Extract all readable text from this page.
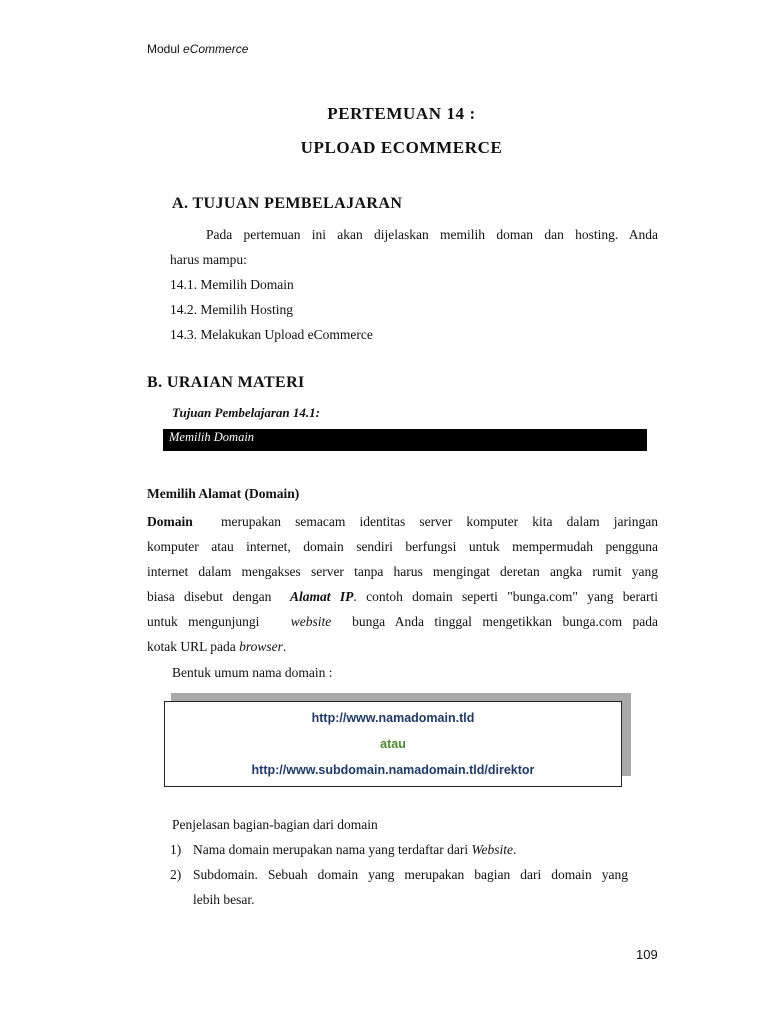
Modul eCommerce
PERTEMUAN 14 :
UPLOAD ECOMMERCE
A. TUJUAN PEMBELAJARAN
Pada pertemuan ini akan dijelaskan memilih doman dan hosting. Anda
harus mampu:
14.1. Memilih Domain
14.2. Memilih Hosting
14.3. Melakukan Upload eCommerce
B. URAIAN MATERI
Tujuan Pembelajaran 14.1:
Memilih Domain
Memilih Alamat (Domain)
Domain merupakan semacam identitas server komputer kita dalam jaringan
komputer atau internet, domain sendiri berfungsi untuk mempermudah pengguna
internet dalam mengakses server tanpa harus mengingat deretan angka rumit yang
biasa disebut dengan Alamat IP. contoh domain seperti "bunga.com" yang berarti
untuk mengunjungi website bunga Anda tinggal mengetikkan bunga.com pada
kotak URL pada browser.
Bentuk umum nama domain :
http://www.namadomain.tld
atau
http://www.subdomain.namadomain.tld/direktor
Penjelasan bagian-bagian dari domain
1) Nama domain merupakan nama yang terdaftar dari Website.
2) Subdomain. Sebuah domain yang merupakan bagian dari domain yang
lebih besar.
109
